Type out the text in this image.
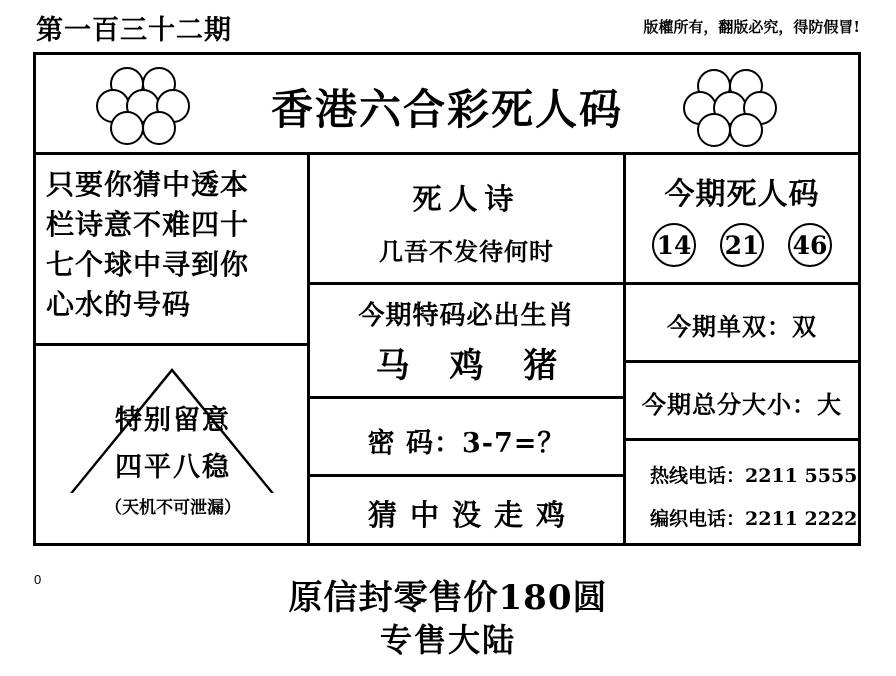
第一百三十二期	版權所有，翻版必究，得防假冒!
香港六合彩死人码
只要你猜中透本
栏诗意不难四十
七个球中寻到你
心水的号码
特别留意
四平八稳
（天机不可泄漏）
死人诗
几吾不发待何时
今期特码必出生肖
马 鸡 猪
密 码：3-7=？
猜中没走鸡
今期死人码
14 21 46
今期单双：双
今期总分大小：大
热线电话：2211 5555
编织电话：2211 2222
0	原信封零售价180圆
专售大陆
